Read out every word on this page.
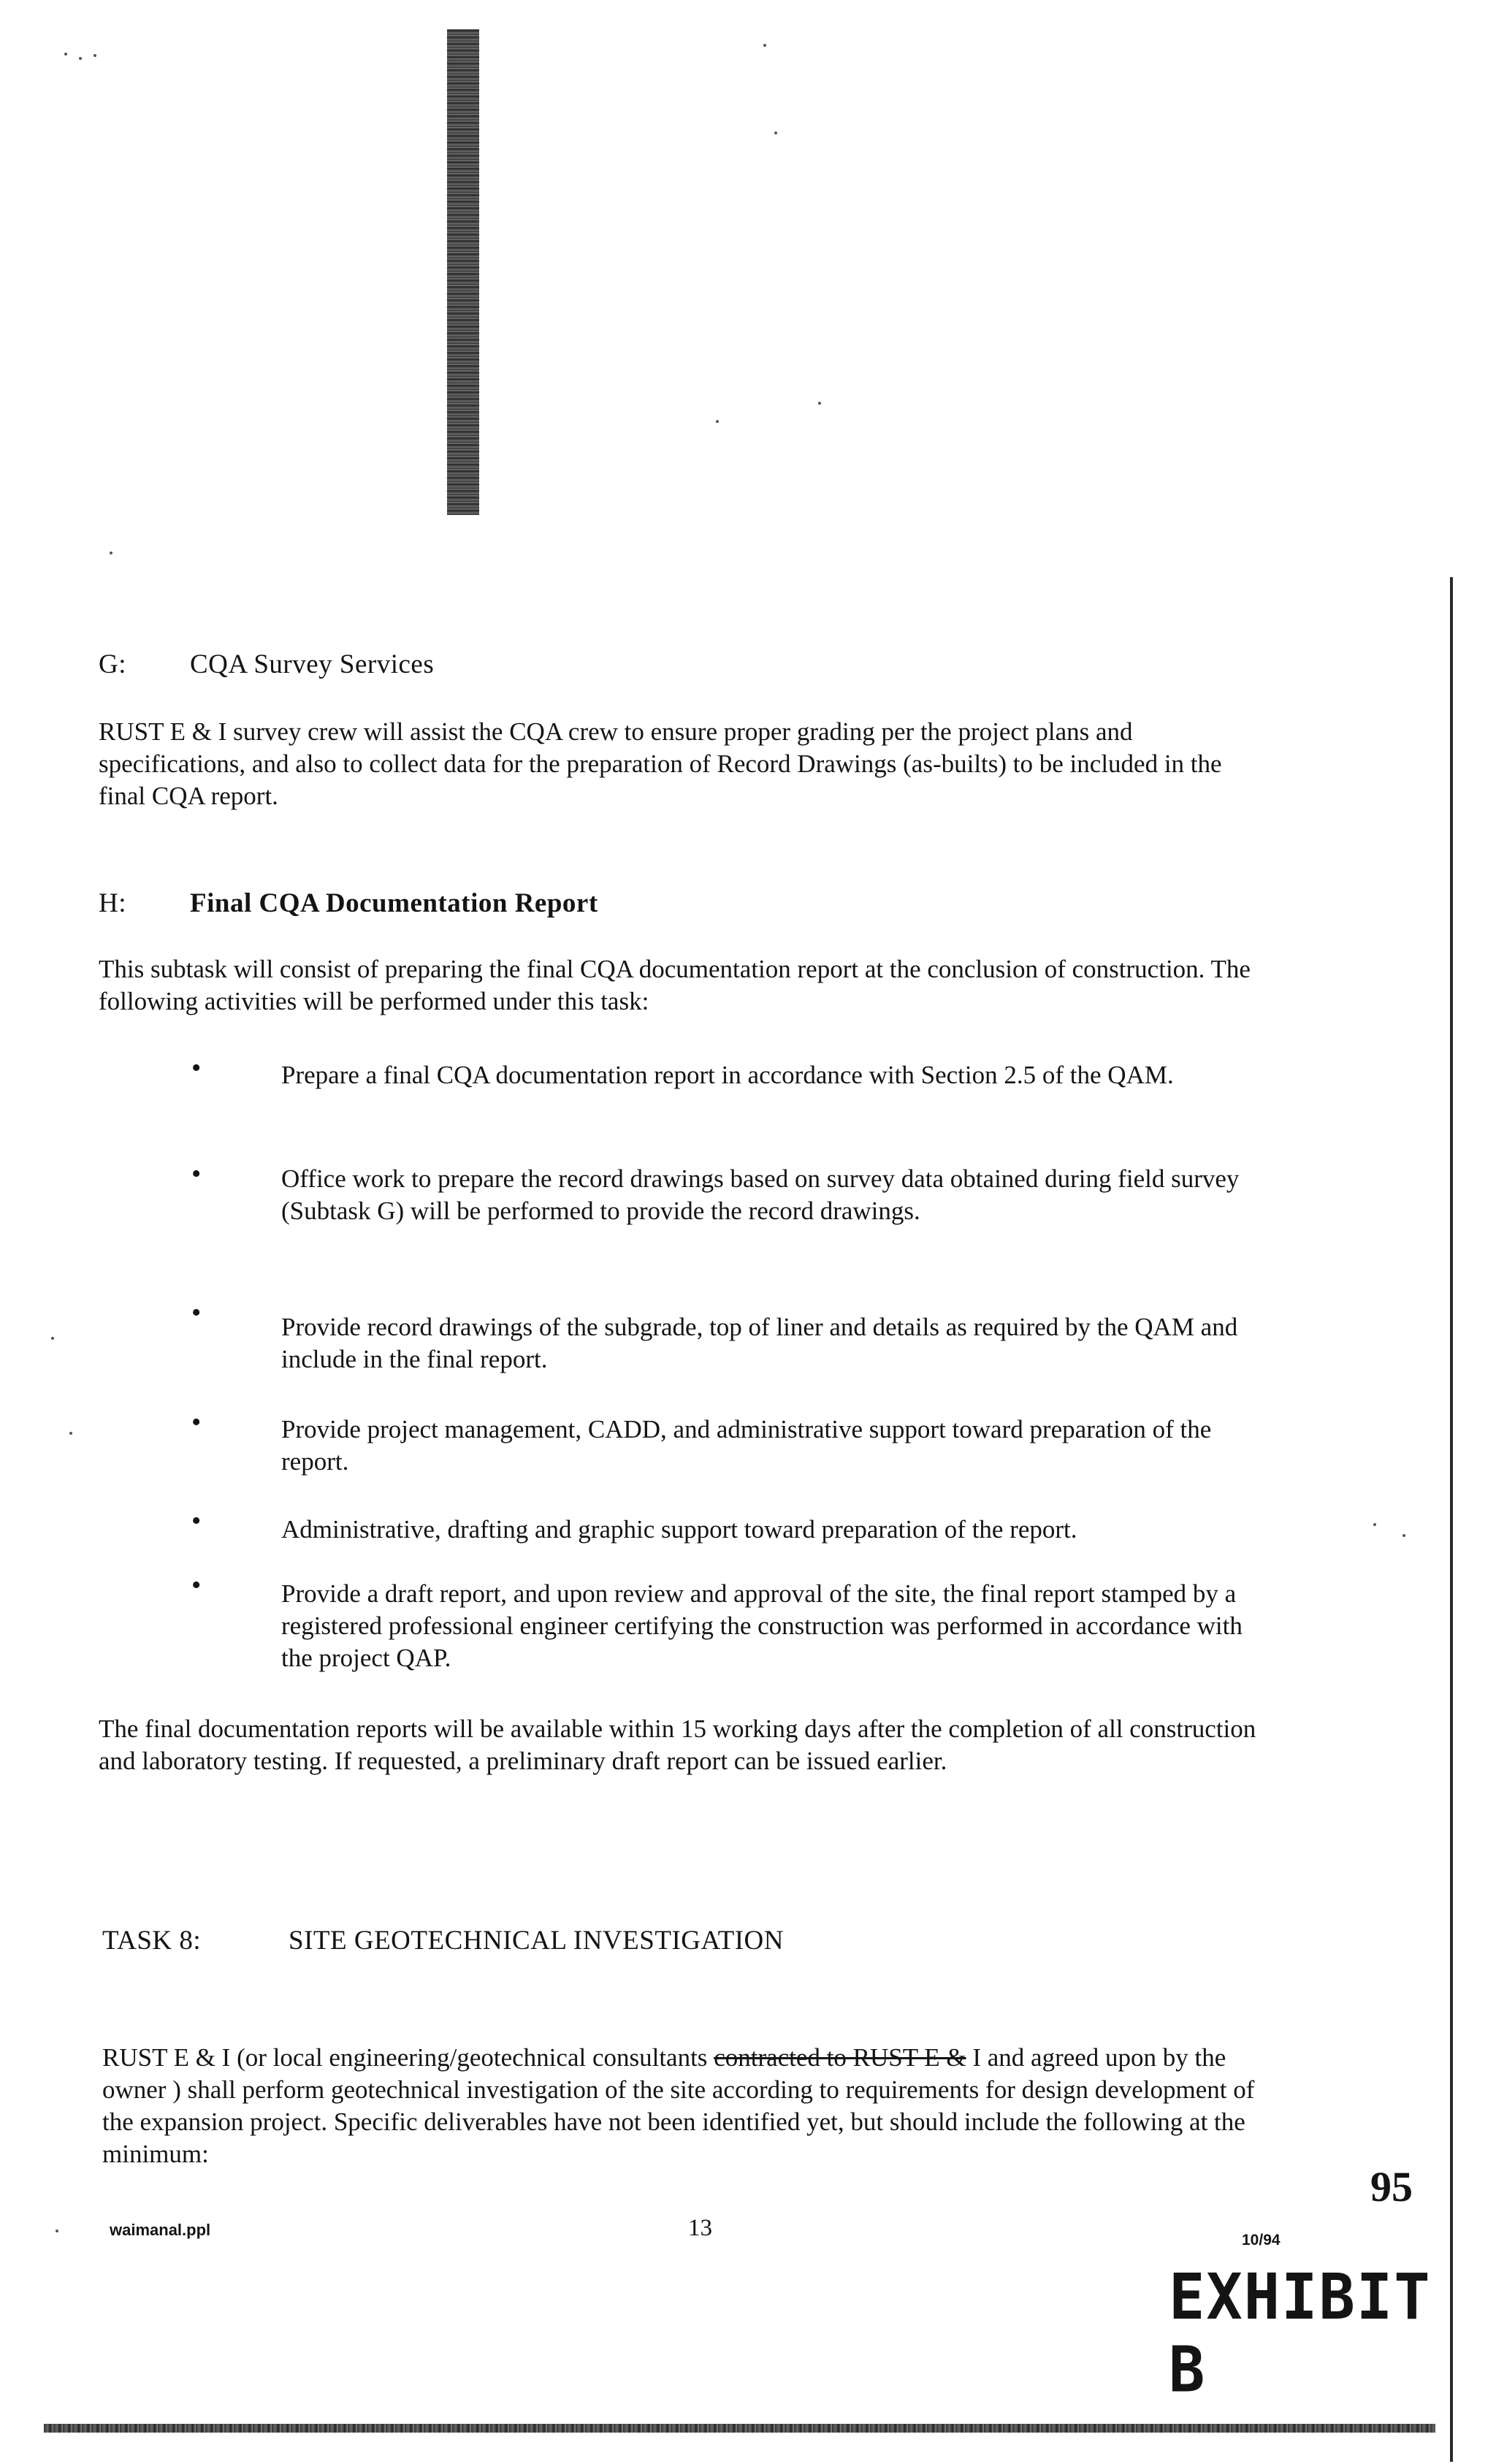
G: CQA Survey Services
RUST E & I survey crew will assist the CQA crew to ensure proper grading per the project plans and specifications, and also to collect data for the preparation of Record Drawings (as-builts) to be included in the final CQA report.
H: Final CQA Documentation Report
This subtask will consist of preparing the final CQA documentation report at the conclusion of construction. The following activities will be performed under this task:
•	Prepare a final CQA documentation report in accordance with Section 2.5 of the QAM.
•	Office work to prepare the record drawings based on survey data obtained during field survey (Subtask G) will be performed to provide the record drawings.
•	Provide record drawings of the subgrade, top of liner and details as required by the QAM and include in the final report.
•	Provide project management, CADD, and administrative support toward preparation of the report.
•	Administrative, drafting and graphic support toward preparation of the report.
•	Provide a draft report, and upon review and approval of the site, the final report stamped by a registered professional engineer certifying the construction was performed in accordance with the project QAP.
The final documentation reports will be available within 15 working days after the completion of all construction and laboratory testing. If requested, a preliminary draft report can be issued earlier.
TASK 8:	SITE GEOTECHNICAL INVESTIGATION
RUST E & I (or local engineering/geotechnical consultants contracted to RUST E & I and agreed upon by the owner ) shall perform geotechnical investigation of the site according to requirements for design development of the expansion project. Specific deliverables have not been identified yet, but should include the following at the minimum:
waimanal.ppl	13	10/94
95
EXHIBIT B
